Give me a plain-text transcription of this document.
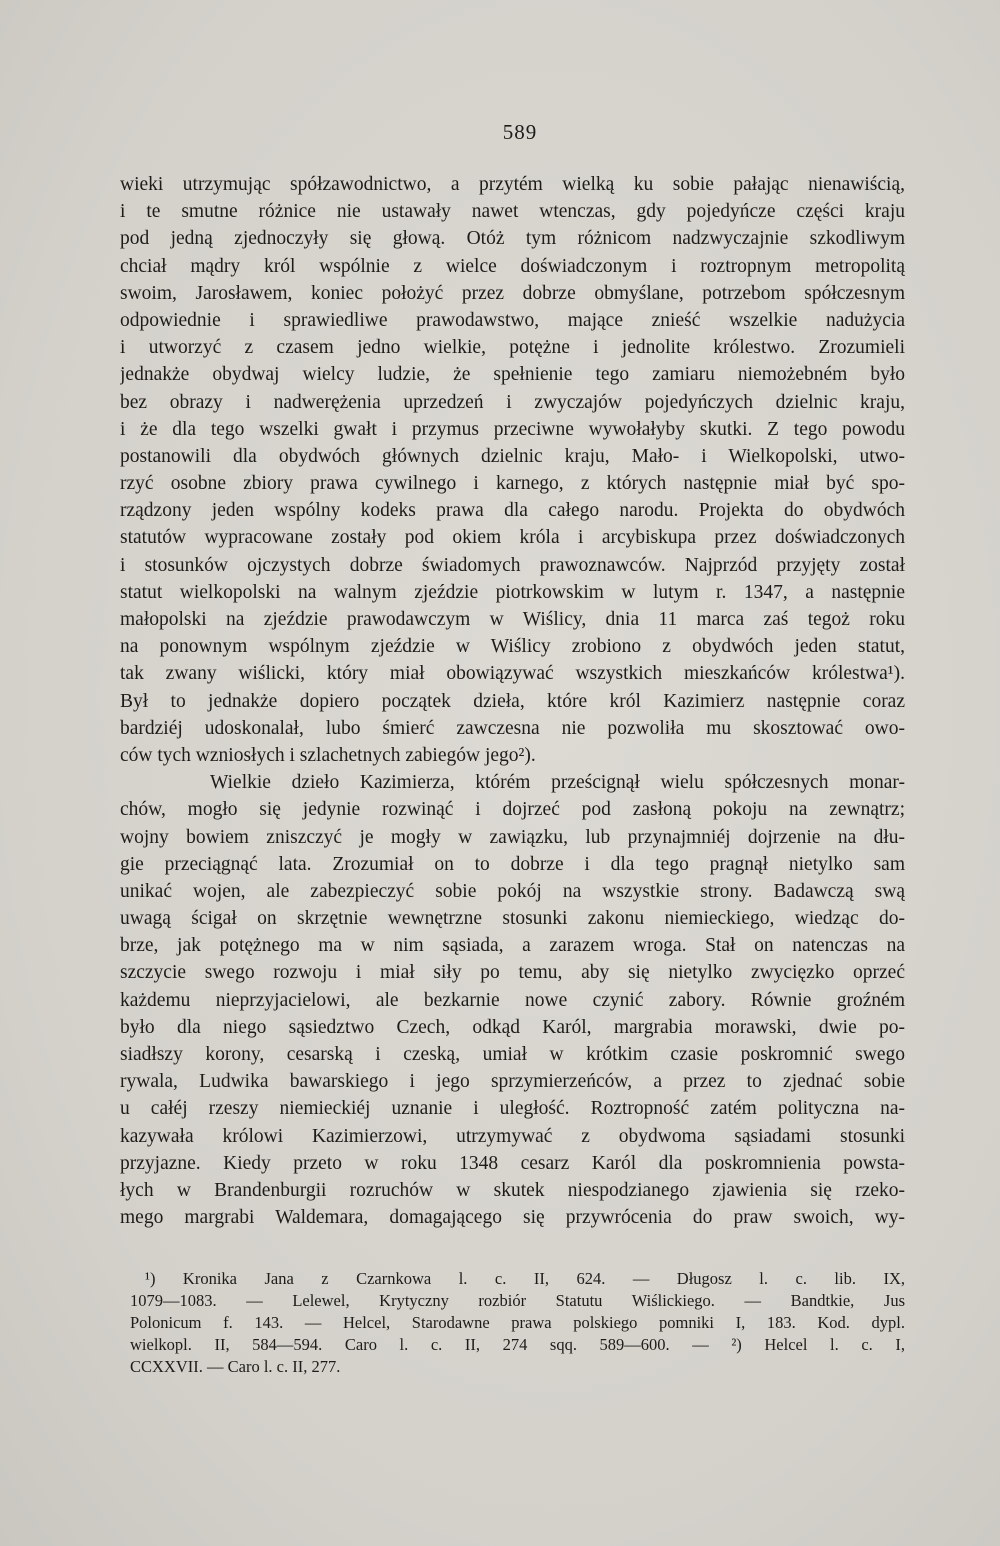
589
wieki utrzymując spółzawodnictwo, a przytém wielką ku sobie pałając nienawiścią,
i te smutne różnice nie ustawały nawet wtenczas, gdy pojedyńcze części kraju
pod jedną zjednoczyły się głową. Otóż tym różnicom nadzwyczajnie szkodliwym
chciał mądry król wspólnie z wielce doświadczonym i roztropnym metropolitą
swoim, Jarosławem, koniec położyć przez dobrze obmyślane, potrzebom spółczesnym
odpowiednie i sprawiedliwe prawodawstwo, mające znieść wszelkie nadużycia
i utworzyć z czasem jedno wielkie, potężne i jednolite królestwo. Zrozumieli
jednakże obydwaj wielcy ludzie, że spełnienie tego zamiaru niemożebném było
bez obrazy i nadwerężenia uprzedzeń i zwyczajów pojedyńczych dzielnic kraju,
i że dla tego wszelki gwałt i przymus przeciwne wywołałyby skutki. Z tego powodu
postanowili dla obydwóch głównych dzielnic kraju, Mało- i Wielkopolski, utwo-
rzyć osobne zbiory prawa cywilnego i karnego, z których następnie miał być spo-
rządzony jeden wspólny kodeks prawa dla całego narodu. Projekta do obydwóch
statutów wypracowane zostały pod okiem króla i arcybiskupa przez doświadczonych
i stosunków ojczystych dobrze świadomych prawoznawców. Najprzód przyjęty został
statut wielkopolski na walnym zjeździe piotrkowskim w lutym r. 1347, a następnie
małopolski na zjeździe prawodawczym w Wiślicy, dnia 11 marca zaś tegoż roku
na ponownym wspólnym zjeździe w Wiślicy zrobiono z obydwóch jeden statut,
tak zwany wiślicki, który miał obowiązywać wszystkich mieszkańców królestwa¹).
Był to jednakże dopiero początek dzieła, które król Kazimierz następnie coraz
bardziéj udoskonalał, lubo śmierć zawczesna nie pozwoliła mu skosztować owo-
ców tych wzniosłych i szlachetnych zabiegów jego²).
Wielkie dzieło Kazimierza, którém prześcignął wielu spółczesnych monar-
chów, mogło się jedynie rozwinąć i dojrzeć pod zasłoną pokoju na zewnątrz;
wojny bowiem zniszczyć je mogły w zawiązku, lub przynajmniéj dojrzenie na dłu-
gie przeciągnąć lata. Zrozumiał on to dobrze i dla tego pragnął nietylko sam
unikać wojen, ale zabezpieczyć sobie pokój na wszystkie strony. Badawczą swą
uwagą ścigał on skrzętnie wewnętrzne stosunki zakonu niemieckiego, wiedząc do-
brze, jak potężnego ma w nim sąsiada, a zarazem wroga. Stał on natenczas na
szczycie swego rozwoju i miał siły po temu, aby się nietylko zwycięzko oprzeć
każdemu nieprzyjacielowi, ale bezkarnie nowe czynić zabory. Równie groźném
było dla niego sąsiedztwo Czech, odkąd Karól, margrabia morawski, dwie po-
siadłszy korony, cesarską i czeską, umiał w krótkim czasie poskromnić swego
rywala, Ludwika bawarskiego i jego sprzymierzeńców, a przez to zjednać sobie
u całéj rzeszy niemieckiéj uznanie i uległość. Roztropność zatém polityczna na-
kazywała królowi Kazimierzowi, utrzymywać z obydwoma sąsiadami stosunki
przyjazne. Kiedy przeto w roku 1348 cesarz Karól dla poskromnienia powsta-
łych w Brandenburgii rozruchów w skutek niespodzianego zjawienia się rzeko-
mego margrabi Waldemara, domagającego się przywrócenia do praw swoich, wy-
¹) Kronika Jana z Czarnkowa l. c. II, 624. — Długosz l. c. lib. IX,
1079—1083. — Lelewel, Krytyczny rozbiór Statutu Wiślickiego. — Bandtkie, Jus
Polonicum f. 143. — Helcel, Starodawne prawa polskiego pomniki I, 183. Kod. dypl.
wielkopl. II, 584—594. Caro l. c. II, 274 sqq. 589—600. — ²) Helcel l. c. I,
CCXXVII. — Caro l. c. II, 277.
